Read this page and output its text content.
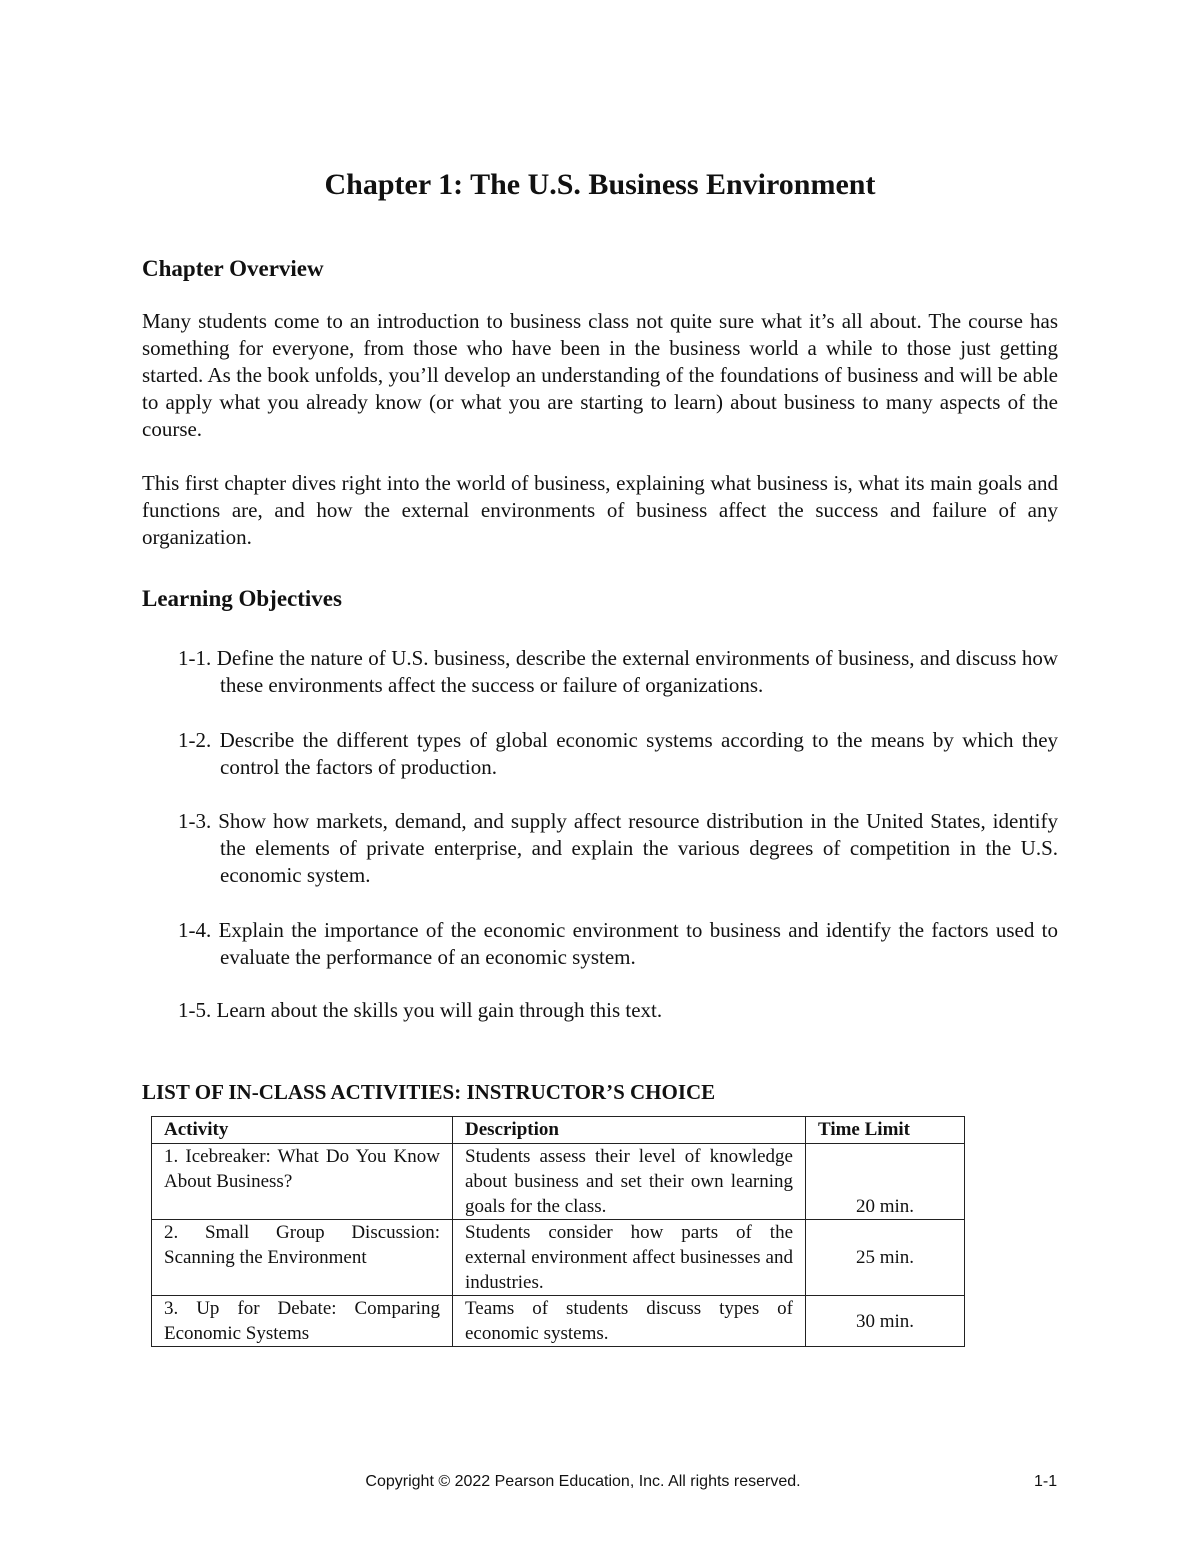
Chapter 1: The U.S. Business Environment
Chapter Overview

Many students come to an introduction to business class not quite sure what it’s all about. The course has something for everyone, from those who have been in the business world a while to those just getting started. As the book unfolds, you’ll develop an understanding of the foundations of business and will be able to apply what you already know (or what you are starting to learn) about business to many aspects of the course.

This first chapter dives right into the world of business, explaining what business is, what its main goals and functions are, and how the external environments of business affect the success and failure of any organization.

Learning Objectives
1-1. Define the nature of U.S. business, describe the external environments of business, and discuss how these environments affect the success or failure of organizations.
1-2. Describe the different types of global economic systems according to the means by which they control the factors of production.
1-3. Show how markets, demand, and supply affect resource distribution in the United States, identify the elements of private enterprise, and explain the various degrees of competition in the U.S. economic system.
1-4. Explain the importance of the economic environment to business and identify the factors used to evaluate the performance of an economic system.
1-5. Learn about the skills you will gain through this text.
LIST OF IN-CLASS ACTIVITIES: INSTRUCTOR’S CHOICE
Activity	Description	Time Limit
1. Icebreaker: What Do You Know About Business?	Students assess their level of knowledge about business and set their own learning goals for the class.	20 min.
2. Small Group Discussion: Scanning the Environment	Students consider how parts of the external environment affect businesses and industries.	25 min.
3. Up for Debate: Comparing Economic Systems	Teams of students discuss types of economic systems.	30 min.
Copyright © 2022 Pearson Education, Inc. All rights reserved.	1-1
